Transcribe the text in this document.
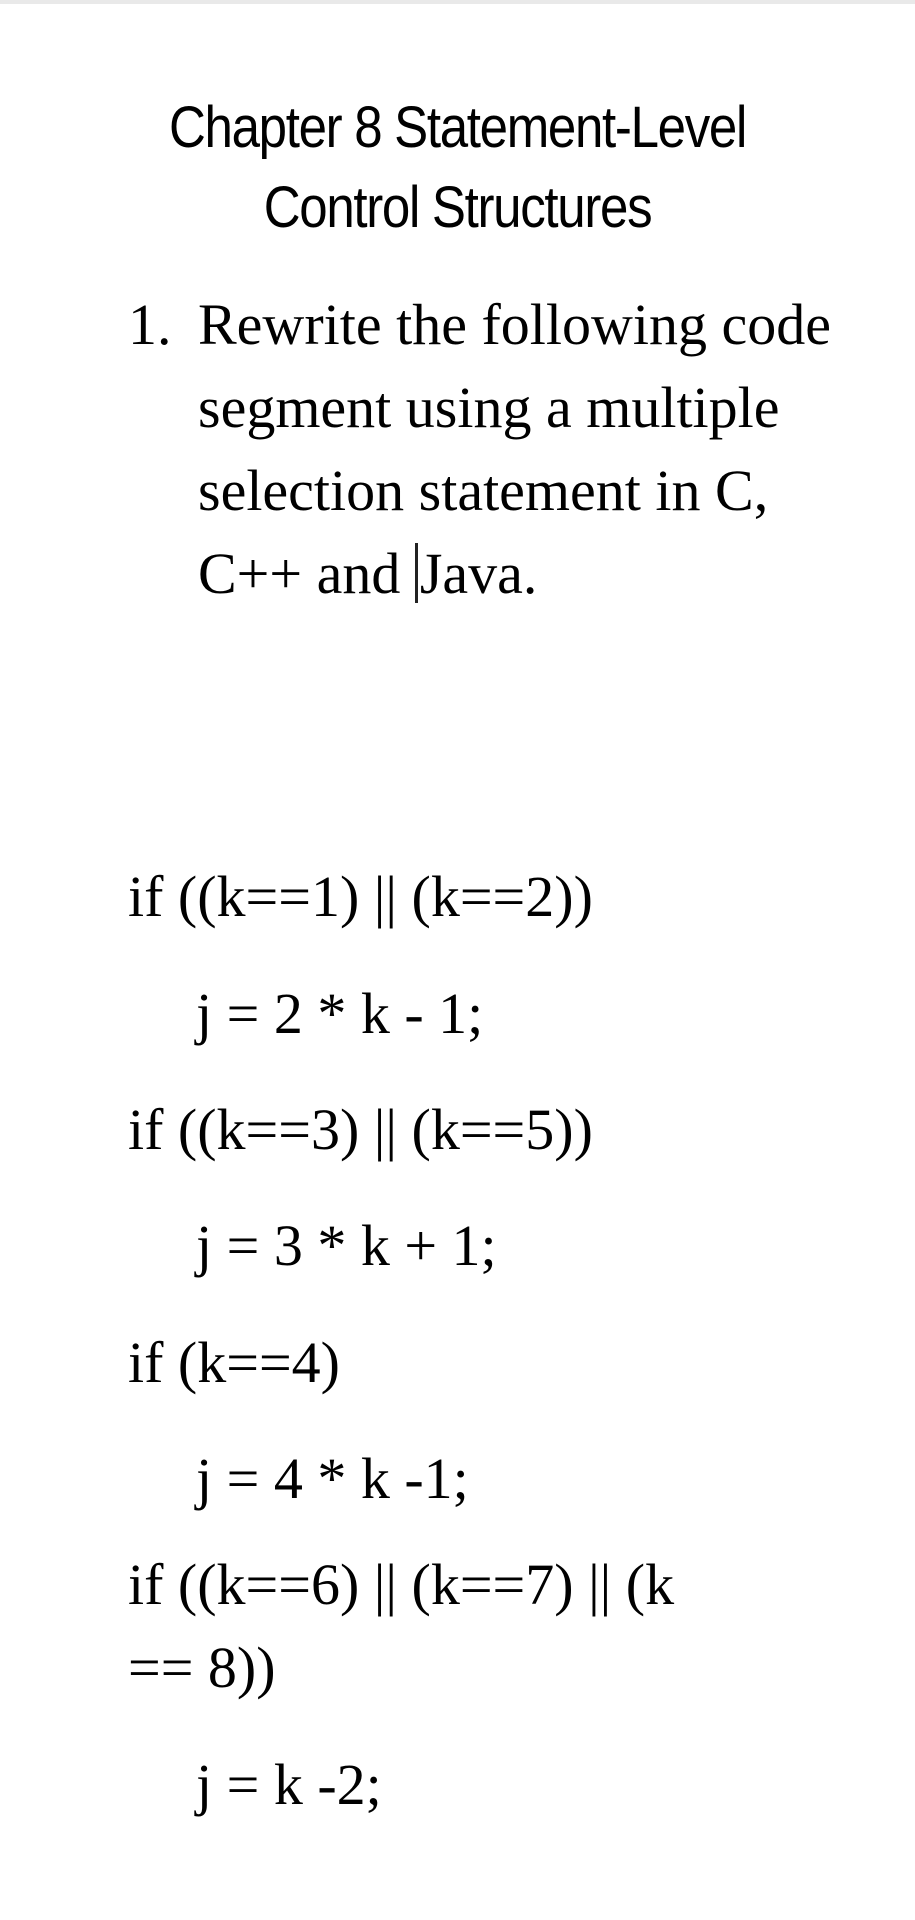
Chapter 8 Statement-Level
Control Structures
1. Rewrite the following code segment using a multiple selection statement in C, C++ and Java.

if ((k==1) || (k==2))
j = 2 * k - 1;
if ((k==3) || (k==5))
j = 3 * k + 1;
if (k==4)
j = 4 * k -1;
if ((k==6) || (k==7) || (k
== 8))
j = k -2;
